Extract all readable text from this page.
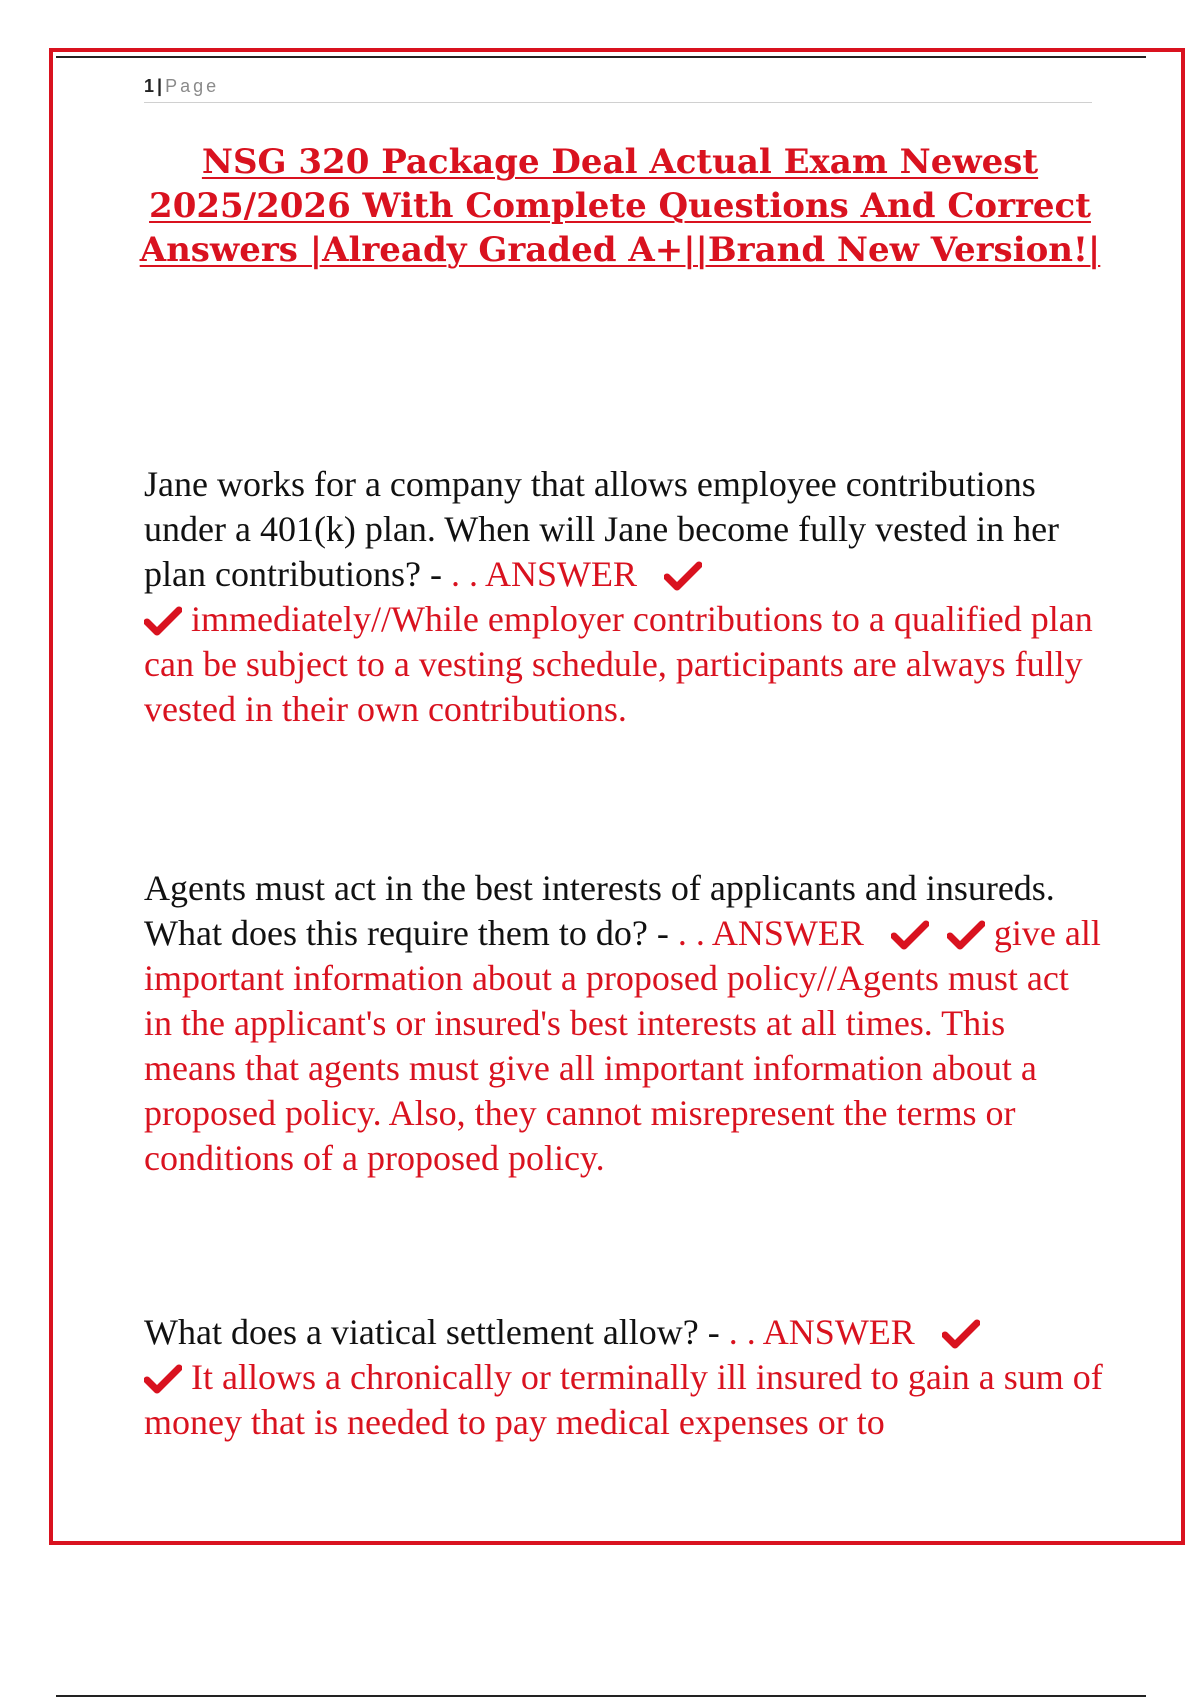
1 | Page
NSG 320 Package Deal Actual Exam Newest 2025/2026 With Complete Questions And Correct Answers |Already Graded A+||Brand New Version!|

Jane works for a company that allows employee contributions under a 401(k) plan. When will Jane become fully vested in her plan contributions? - . . ANSWER

immediately//While employer contributions to a qualified plan can be subject to a vesting schedule, participants are always fully vested in their own contributions.

Agents must act in the best interests of applicants and insureds. What does this require them to do? - . . ANSWER	give all important information about a proposed policy//Agents must act in the applicant's or insured's best interests at all times. This means that agents must give all important information about a proposed policy. Also, they cannot misrepresent the terms or conditions of a proposed policy.

What does a viatical settlement allow? - . . ANSWER

It allows a chronically or terminally ill insured to gain a sum of money that is needed to pay medical expenses or to
